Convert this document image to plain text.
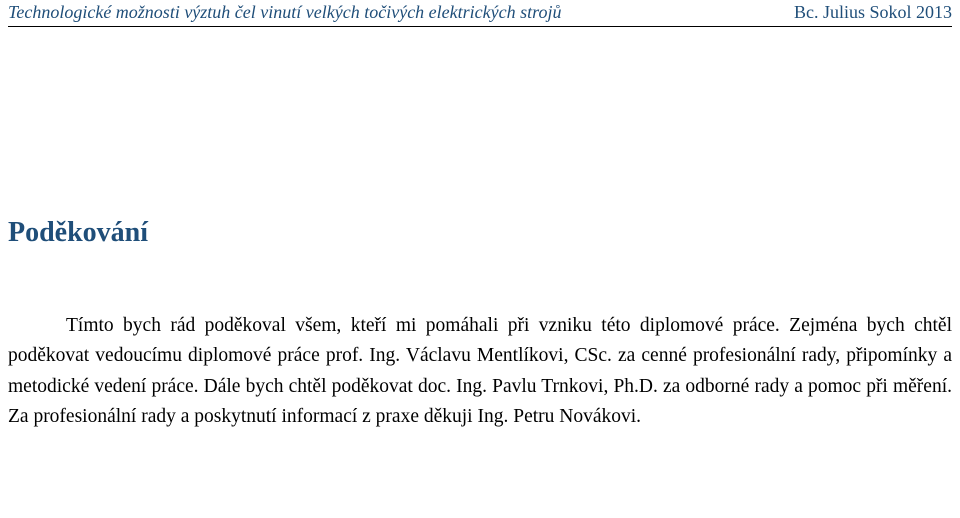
Technologické možnosti výztuh čel vinutí velkých točivých elektrických strojů	Bc. Julius Sokol 2013
Poděkování

Tímto bych rád poděkoval všem, kteří mi pomáhali při vzniku této diplomové práce. Zejména bych chtěl poděkovat vedoucímu diplomové práce prof. Ing. Václavu Mentlíkovi, CSc. za cenné profesionální rady, připomínky a metodické vedení práce. Dále bych chtěl poděkovat doc. Ing. Pavlu Trnkovi, Ph.D. za odborné rady a pomoc při měření. Za profesionální rady a poskytnutí informací z praxe děkuji Ing. Petru Novákovi.
